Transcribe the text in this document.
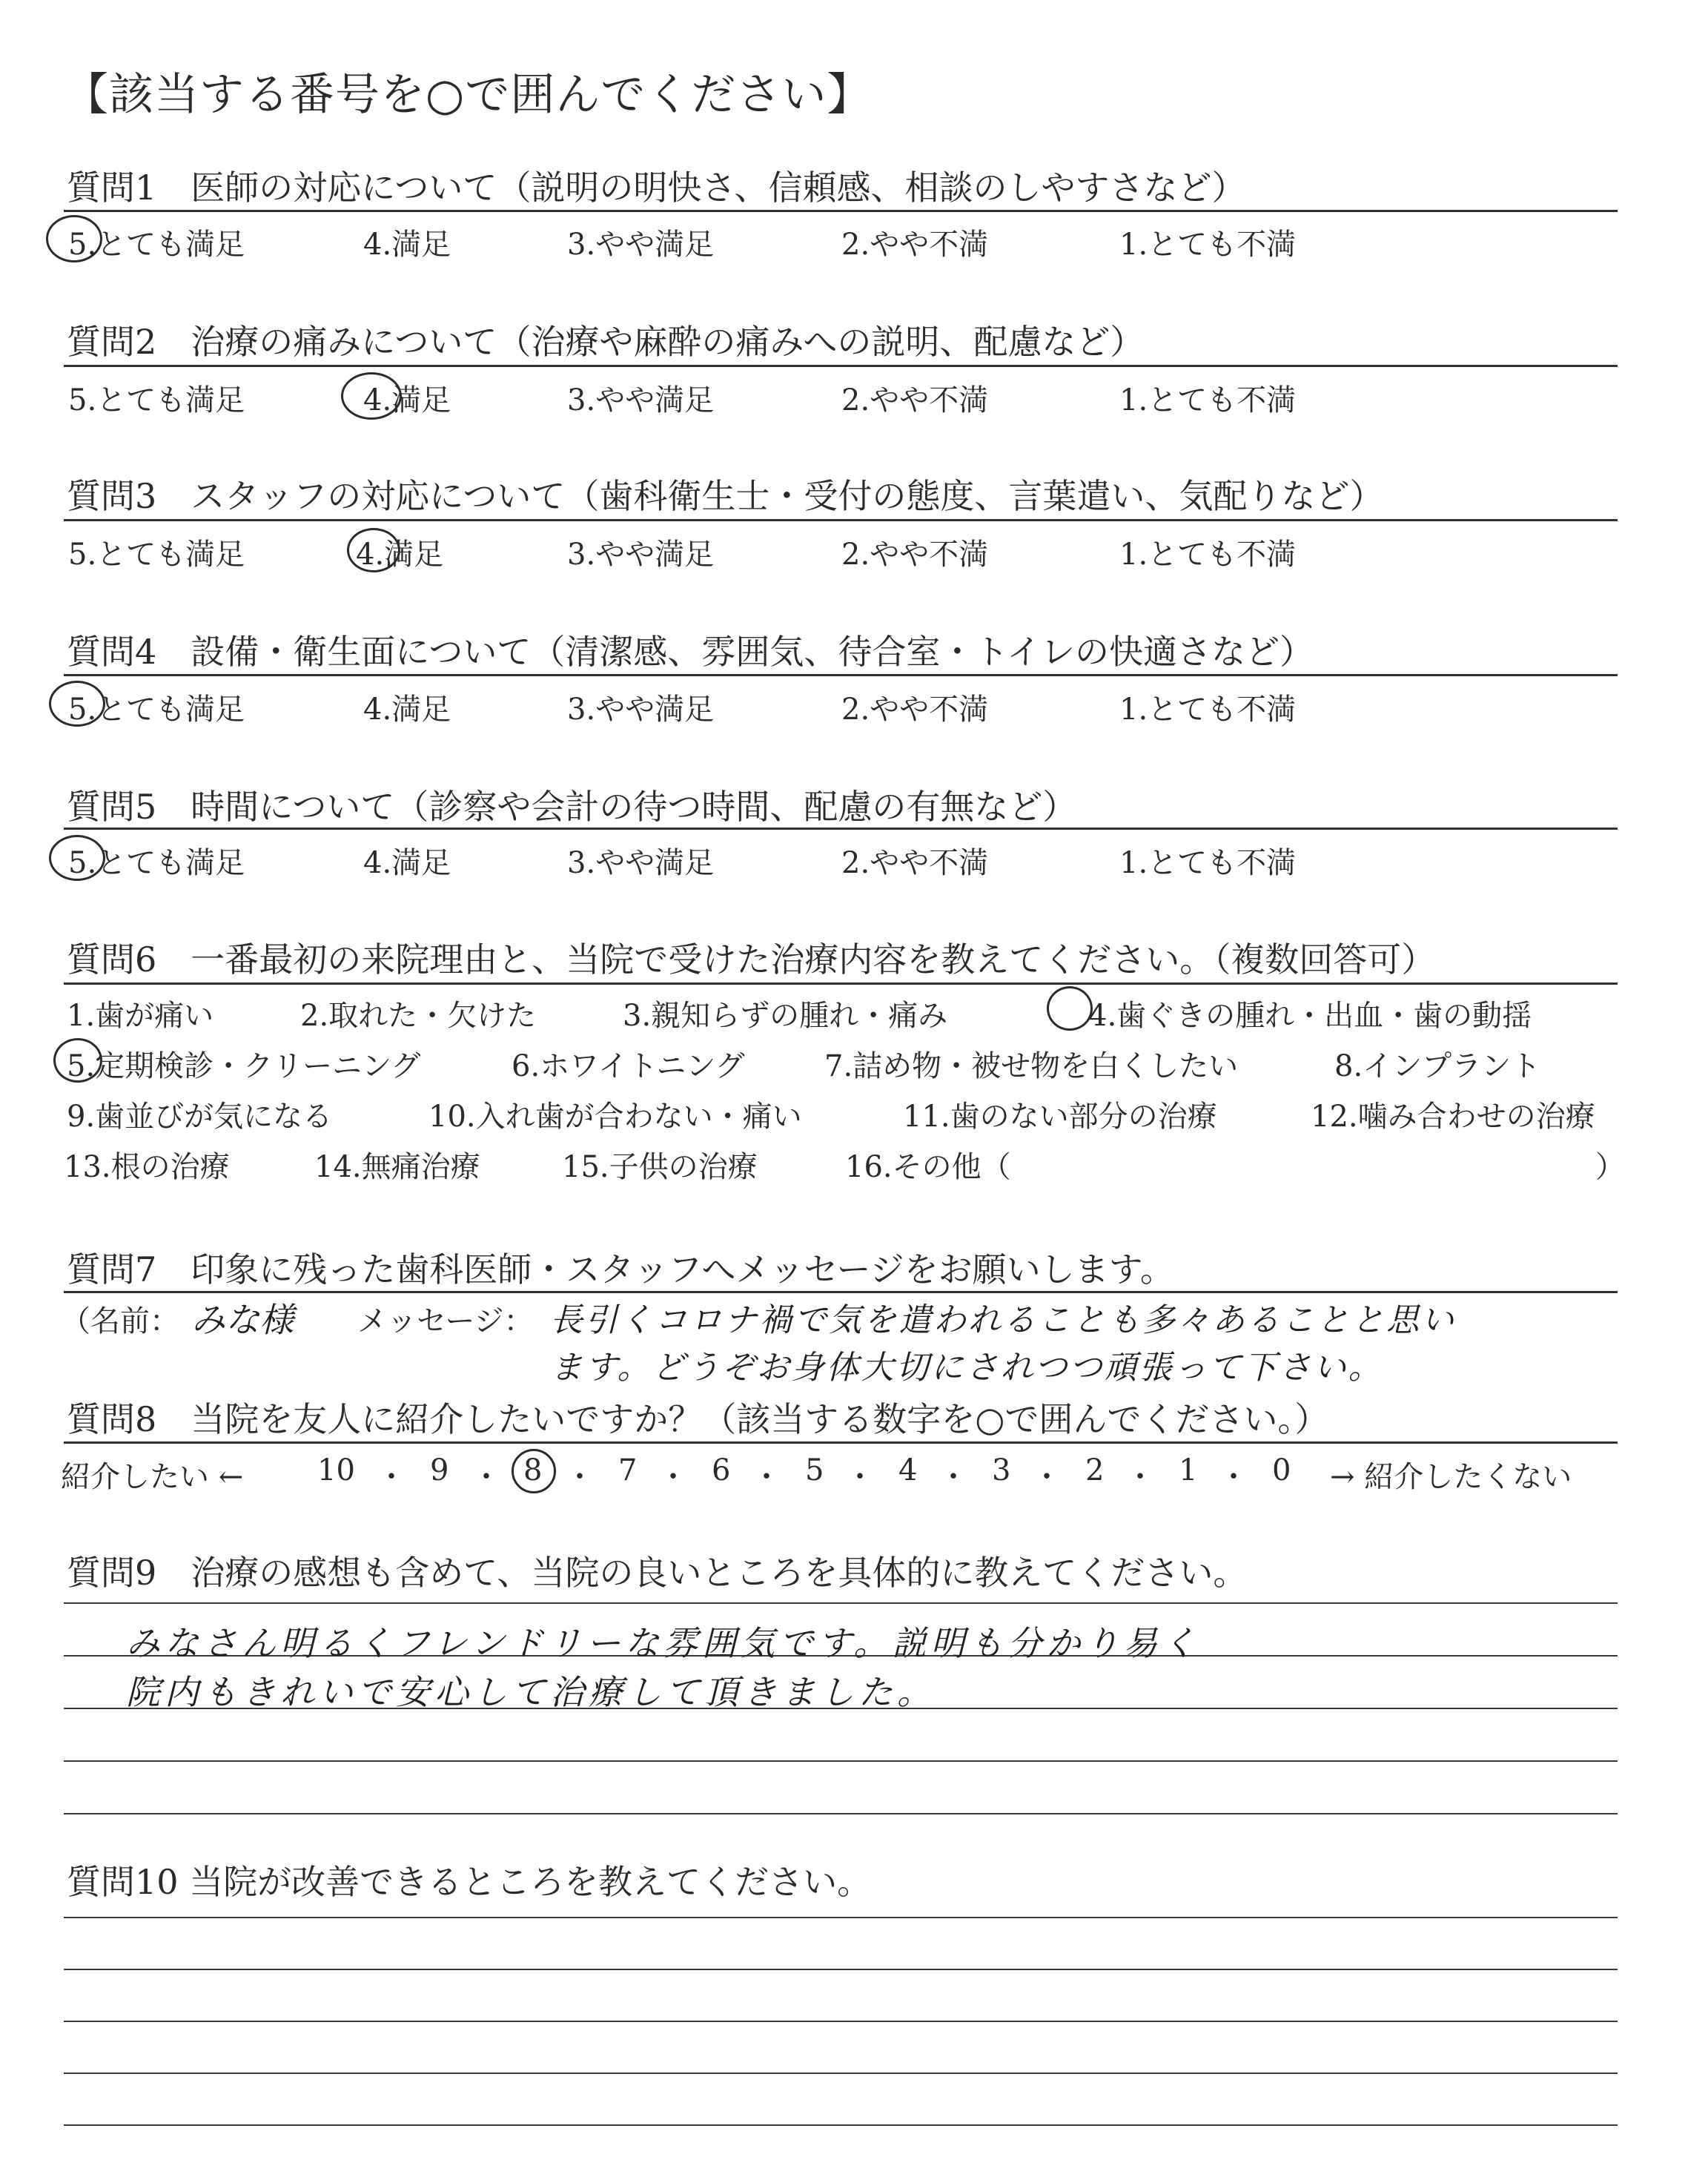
【該当する番号を○で囲んでください】
質問1　医師の対応について（説明の明快さ、信頼感、相談のしやすさなど）
5.とても満足	4.満足	3.やや満足	2.やや不満	1.とても不満
質問2　治療の痛みについて（治療や麻酔の痛みへの説明、配慮など）
5.とても満足	4.満足	3.やや満足	2.やや不満	1.とても不満
質問3　スタッフの対応について（歯科衛生士・受付の態度、言葉遣い、気配りなど）
5.とても満足	4.満足	3.やや満足	2.やや不満	1.とても不満
質問4　設備・衛生面について（清潔感、雰囲気、待合室・トイレの快適さなど）
5.とても満足	4.満足	3.やや満足	2.やや不満	1.とても不満
質問5　時間について（診察や会計の待つ時間、配慮の有無など）
5.とても満足	4.満足	3.やや満足	2.やや不満	1.とても不満
質問6　一番最初の来院理由と、当院で受けた治療内容を教えてください。（複数回答可）
1.歯が痛い	2.取れた・欠けた	3.親知らずの腫れ・痛み	4.歯ぐきの腫れ・出血・歯の動揺
5.定期検診・クリーニング	6.ホワイトニング	7.詰め物・被せ物を白くしたい	8.インプラント
9.歯並びが気になる	10.入れ歯が合わない・痛い	11.歯のない部分の治療	12.噛み合わせの治療
13.根の治療	14.無痛治療	15.子供の治療	16.その他（	）
質問7　印象に残った歯科医師・スタッフへメッセージをお願いします。
（名前： みな様 メッセージ： 長引くコロナ禍で気を遣われることも多々あることと思い
ます。どうぞお身体大切にされつつ頑張って下さい。
質問8　当院を友人に紹介したいですか？（該当する数字を○で囲んでください。）
紹介したい ← 10 ・ 9 ・ 8 ・ 7 ・ 6 ・ 5 ・ 4 ・ 3 ・ 2 ・ 1 ・ 0 → 紹介したくない
質問9　治療の感想も含めて、当院の良いところを具体的に教えてください。
みなさん明るくフレンドリーな雰囲気です。説明も分かり易く
院内もきれいで安心して治療して頂きました。
質問10 当院が改善できるところを教えてください。
